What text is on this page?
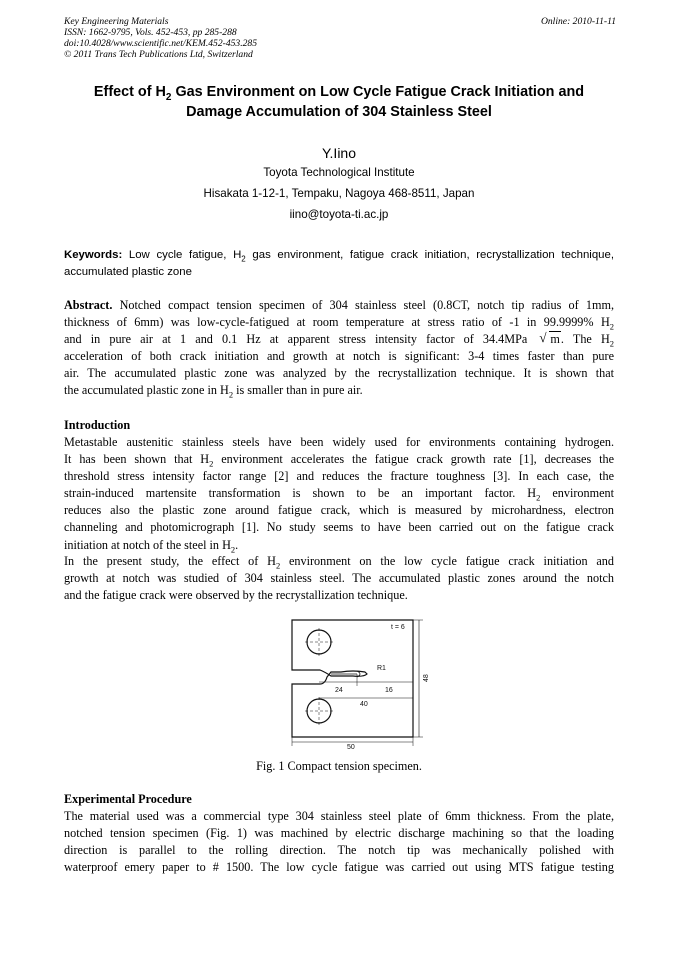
Key Engineering Materials
ISSN: 1662-9795, Vols. 452-453, pp 285-288
doi:10.4028/www.scientific.net/KEM.452-453.285
© 2011 Trans Tech Publications Ltd, Switzerland
Online: 2010-11-11
Effect of $H_2$ Gas Environment on Low Cycle Fatigue Crack Initiation and
Damage Accumulation of 304 Stainless Steel
Y.Iino
Toyota Technological Institute
Hisakata 1-12-1, Tempaku, Nagoya 468-8511, Japan
iino@toyota-ti.ac.jp
Keywords: Low cycle fatigue, $H_2$ gas environment, fatigue crack initiation, recrystallization technique, accumulated plastic zone
Abstract. Notched compact tension specimen of 304 stainless steel (0.8CT, notch tip radius of 1mm,
thickness of 6mm) was low-cycle-fatigued at room temperature at stress ratio of -1 in 99.9999% $H_2$
and in pure air at 1 and 0.1 Hz at apparent stress intensity factor of 34.4MPa √ m. The $H_2$
acceleration of both crack initiation and growth at notch is significant: 3-4 times faster than pure
air. The accumulated plastic zone was analyzed by the recrystallization technique. It is shown that
the accumulated plastic zone in $H_2$ is smaller than in pure air.
Introduction
Metastable austenitic stainless steels have been widely used for environments containing hydrogen.
It has been shown that $H_2$ environment accelerates the fatigue crack growth rate [1], decreases the
threshold stress intensity factor range [2] and reduces the fracture toughness [3]. In each case, the
strain-induced martensite transformation is shown to be an important factor. $H_2$ environment
reduces also the plastic zone around fatigue crack, which is measured by microhardness, electron
channeling and photomicrograph [1]. No study seems to have been carried out on the fatigue crack
initiation at notch of the steel in $H_2$.
In the present study, the effect of $H_2$ environment on the low cycle fatigue crack initiation and
growth at notch was studied of 304 stainless steel. The accumulated plastic zones around the notch
and the fatigue crack were observed by the recrystallization technique.
t = 6
R1
24	16
40
50
48
Fig. 1 Compact tension specimen.
Experimental Procedure
The material used was a commercial type 304 stainless steel plate of 6mm thickness. From the plate,
notched tension specimen (Fig. 1) was machined by electric discharge machining so that the loading
direction is parallel to the rolling direction. The notch tip was mechanically polished with
waterproof emery paper to # 1500. The low cycle fatigue was carried out using MTS fatigue testing
